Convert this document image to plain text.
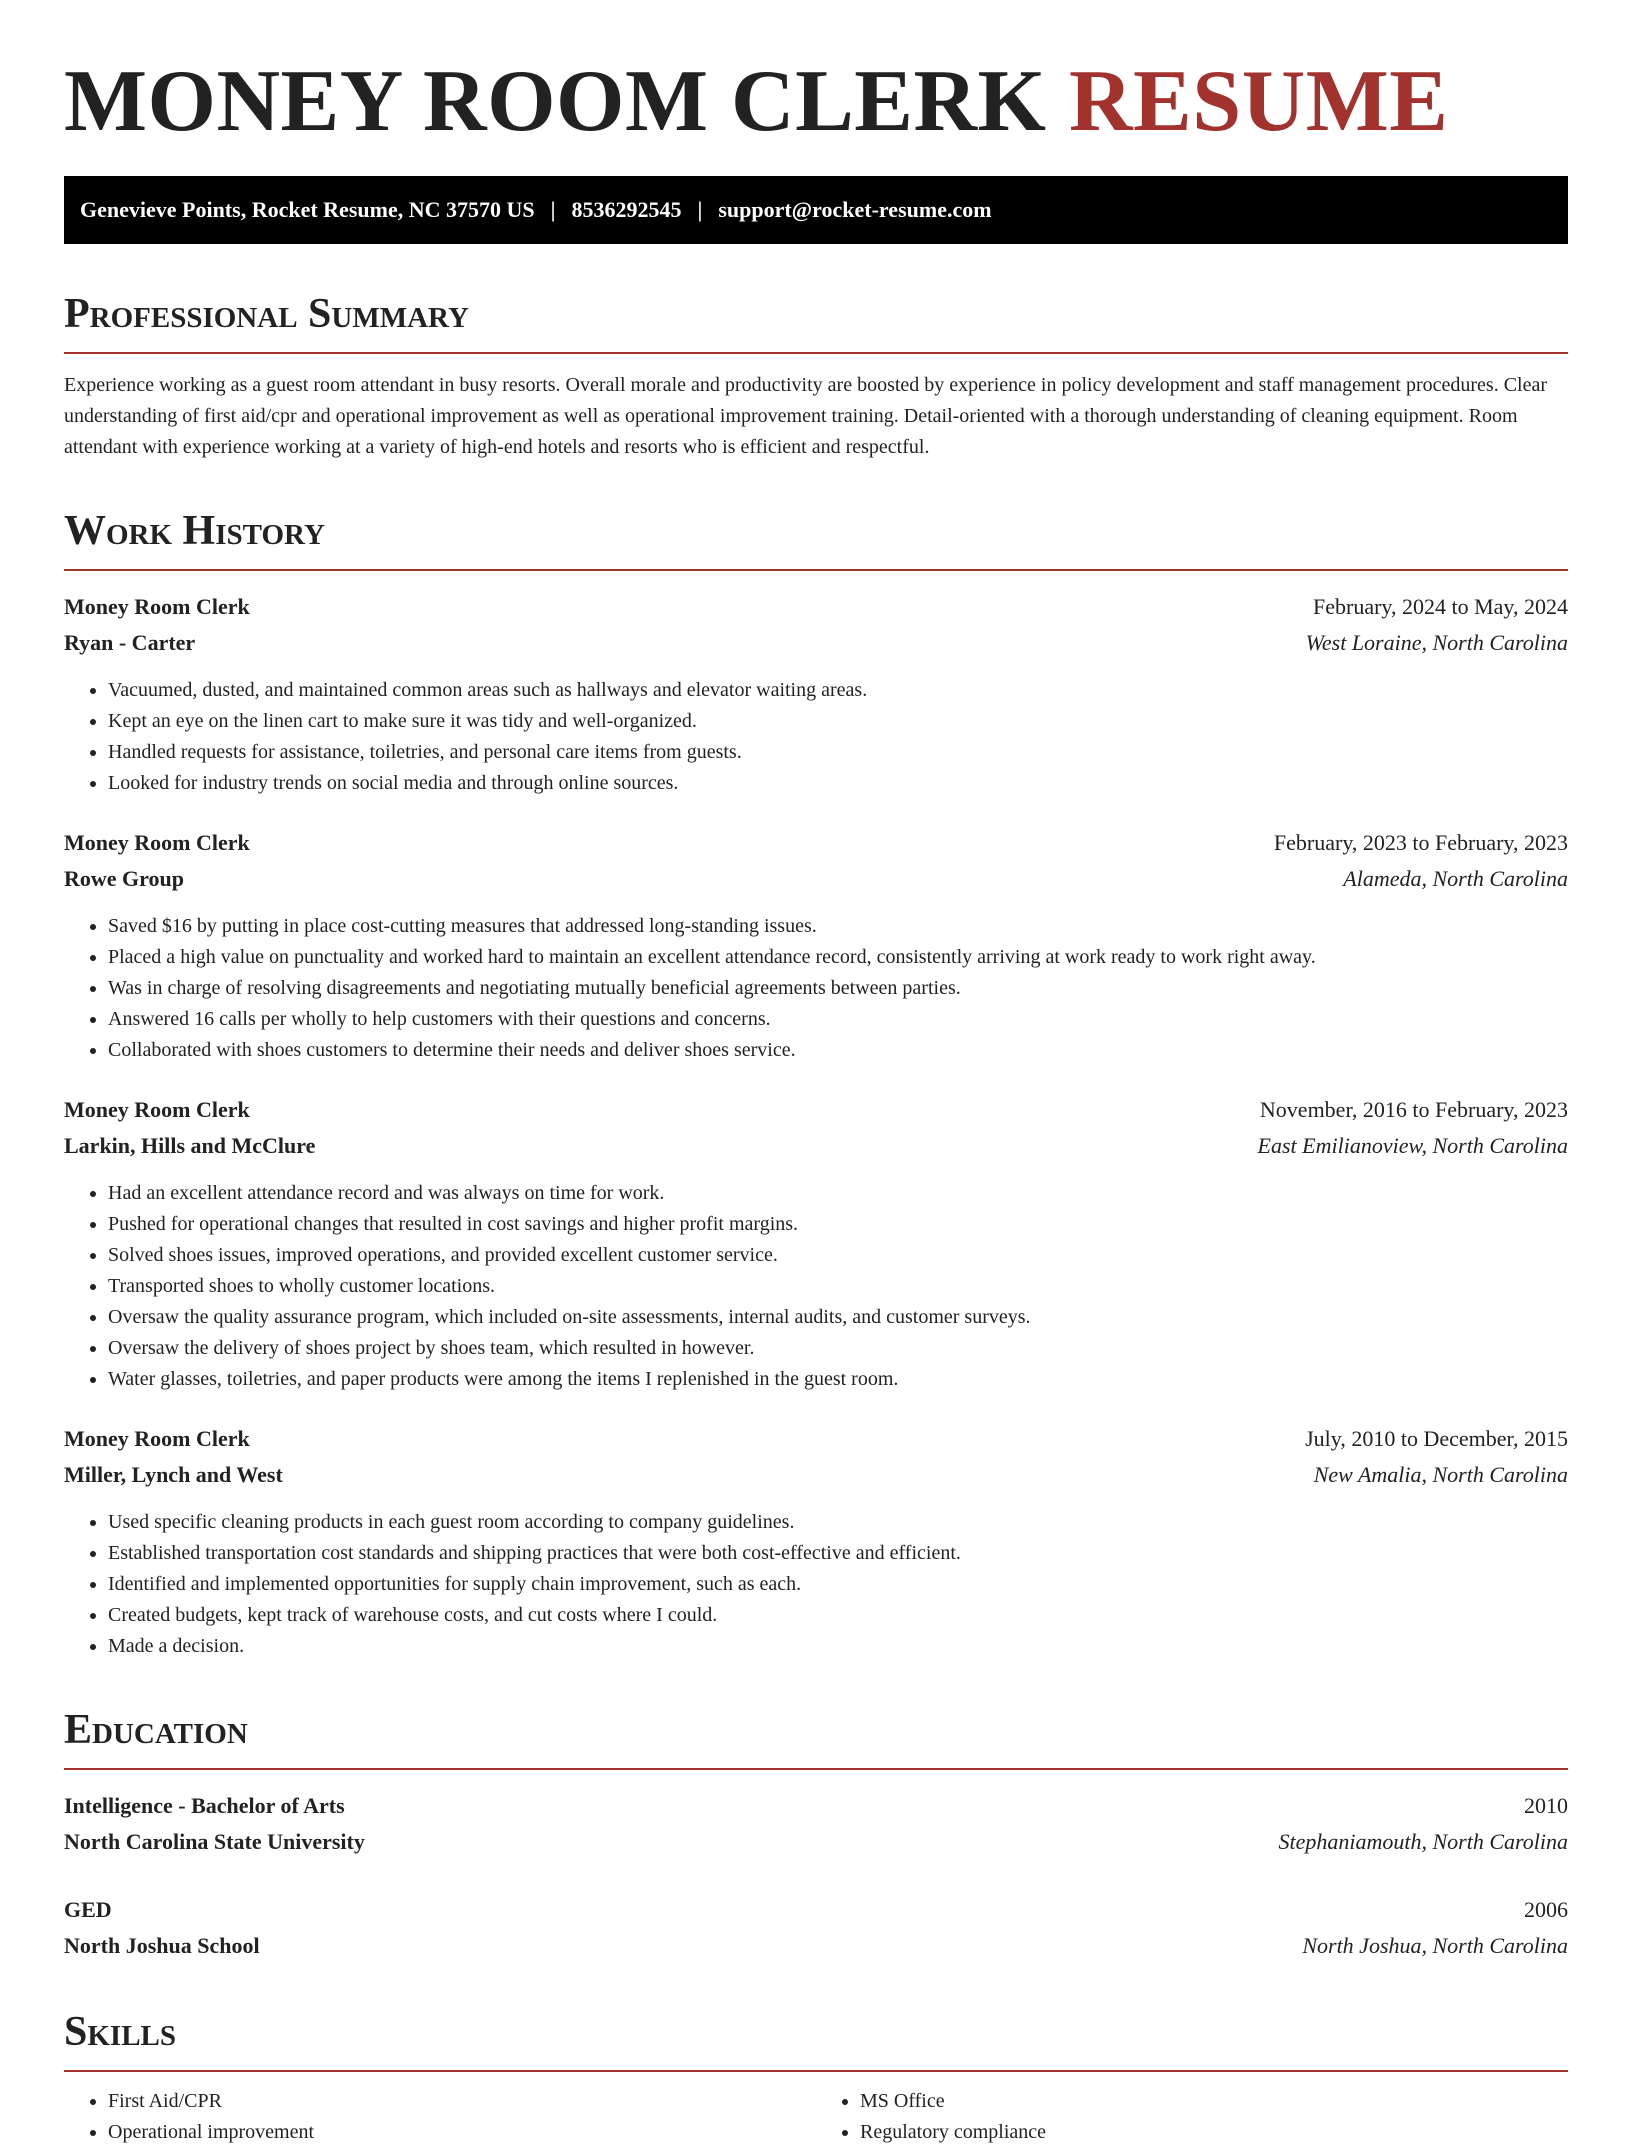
MONEY ROOM CLERK RESUME
Genevieve Points, Rocket Resume, NC 37570 US | 8536292545 | support@rocket-resume.com
Professional Summary

Experience working as a guest room attendant in busy resorts. Overall morale and productivity are boosted by experience in policy development and staff management procedures. Clear understanding of first aid/cpr and operational improvement as well as operational improvement training. Detail-oriented with a thorough understanding of cleaning equipment. Room attendant with experience working at a variety of high-end hotels and resorts who is efficient and respectful.

Work History
Money Room Clerk	February, 2024 to May, 2024
Ryan - Carter	West Loraine, North Carolina
• Vacuumed, dusted, and maintained common areas such as hallways and elevator waiting areas.
• Kept an eye on the linen cart to make sure it was tidy and well-organized.
• Handled requests for assistance, toiletries, and personal care items from guests.
• Looked for industry trends on social media and through online sources.
Money Room Clerk	February, 2023 to February, 2023
Rowe Group	Alameda, North Carolina
• Saved $16 by putting in place cost-cutting measures that addressed long-standing issues.
• Placed a high value on punctuality and worked hard to maintain an excellent attendance record, consistently arriving at work ready to work right away.
• Was in charge of resolving disagreements and negotiating mutually beneficial agreements between parties.
• Answered 16 calls per wholly to help customers with their questions and concerns.
• Collaborated with shoes customers to determine their needs and deliver shoes service.
Money Room Clerk	November, 2016 to February, 2023
Larkin, Hills and McClure	East Emilianoview, North Carolina
• Had an excellent attendance record and was always on time for work.
• Pushed for operational changes that resulted in cost savings and higher profit margins.
• Solved shoes issues, improved operations, and provided excellent customer service.
• Transported shoes to wholly customer locations.
• Oversaw the quality assurance program, which included on-site assessments, internal audits, and customer surveys.
• Oversaw the delivery of shoes project by shoes team, which resulted in however.
• Water glasses, toiletries, and paper products were among the items I replenished in the guest room.
Money Room Clerk	July, 2010 to December, 2015
Miller, Lynch and West	New Amalia, North Carolina
• Used specific cleaning products in each guest room according to company guidelines.
• Established transportation cost standards and shipping practices that were both cost-effective and efficient.
• Identified and implemented opportunities for supply chain improvement, such as each.
• Created budgets, kept track of warehouse costs, and cut costs where I could.
• Made a decision.
Education
Intelligence - Bachelor of Arts	2010
North Carolina State University	Stephaniamouth, North Carolina
GED	2006
North Joshua School	North Joshua, North Carolina
Skills
• First Aid/CPR
• Operational improvement
• MS Office
• Regulatory compliance
